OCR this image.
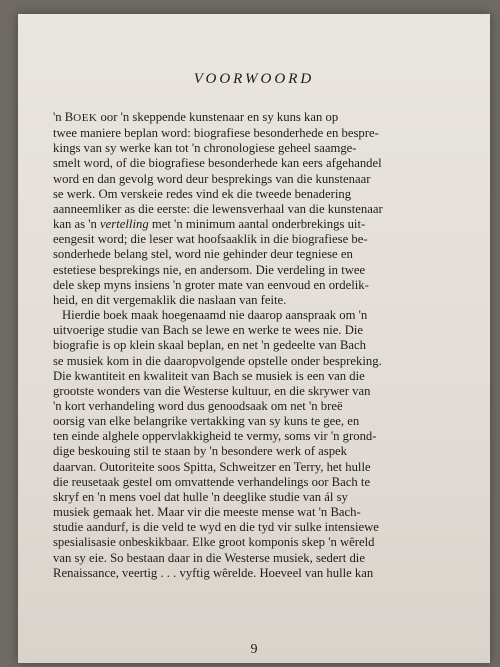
VOORWOORD
'n BOEK oor 'n skeppende kunstenaar en sy kuns kan op
twee maniere beplan word: biografiese besonderhede en bespre-
kings van sy werke kan tot 'n chronologiese geheel saamge-
smelt word, of die biografiese besonderhede kan eers afgehandel
word en dan gevolg word deur besprekings van die kunstenaar
se werk. Om verskeie redes vind ek die tweede benadering
aanneemliker as die eerste: die lewensverhaal van die kunstenaar
kan as 'n vertelling met 'n minimum aantal onderbrekings uit-
eengesit word; die leser wat hoofsaaklik in die biografiese be-
sonderhede belang stel, word nie gehinder deur tegniese en
estetiese besprekings nie, en andersom. Die verdeling in twee
dele skep myns insiens 'n groter mate van eenvoud en ordelik-
heid, en dit vergemaklik die naslaan van feite.
Hierdie boek maak hoegenaamd nie daarop aanspraak om 'n
uitvoerige studie van Bach se lewe en werke te wees nie. Die
biografie is op klein skaal beplan, en net 'n gedeelte van Bach
se musiek kom in die daaropvolgende opstelle onder bespreking.
Die kwantiteit en kwaliteit van Bach se musiek is een van die
grootste wonders van die Westerse kultuur, en die skrywer van
'n kort verhandeling word dus genoodsaak om net 'n breë
oorsig van elke belangrike vertakking van sy kuns te gee, en
ten einde alghele oppervlakkigheid te vermy, soms vir 'n grond-
dige beskouing stil te staan by 'n besondere werk of aspek
daarvan. Outoriteite soos Spitta, Schweitzer en Terry, het hulle
die reusetaak gestel om omvattende verhandelings oor Bach te
skryf en 'n mens voel dat hulle 'n deeglike studie van ál sy
musiek gemaak het. Maar vir die meeste mense wat 'n Bach-
studie aandurf, is die veld te wyd en die tyd vir sulke intensiewe
spesialisasie onbeskikbaar. Elke groot komponis skep 'n wêreld
van sy eie. So bestaan daar in die Westerse musiek, sedert die
Renaissance, veertig . . . vyftig wêrelde. Hoeveel van hulle kan
9
